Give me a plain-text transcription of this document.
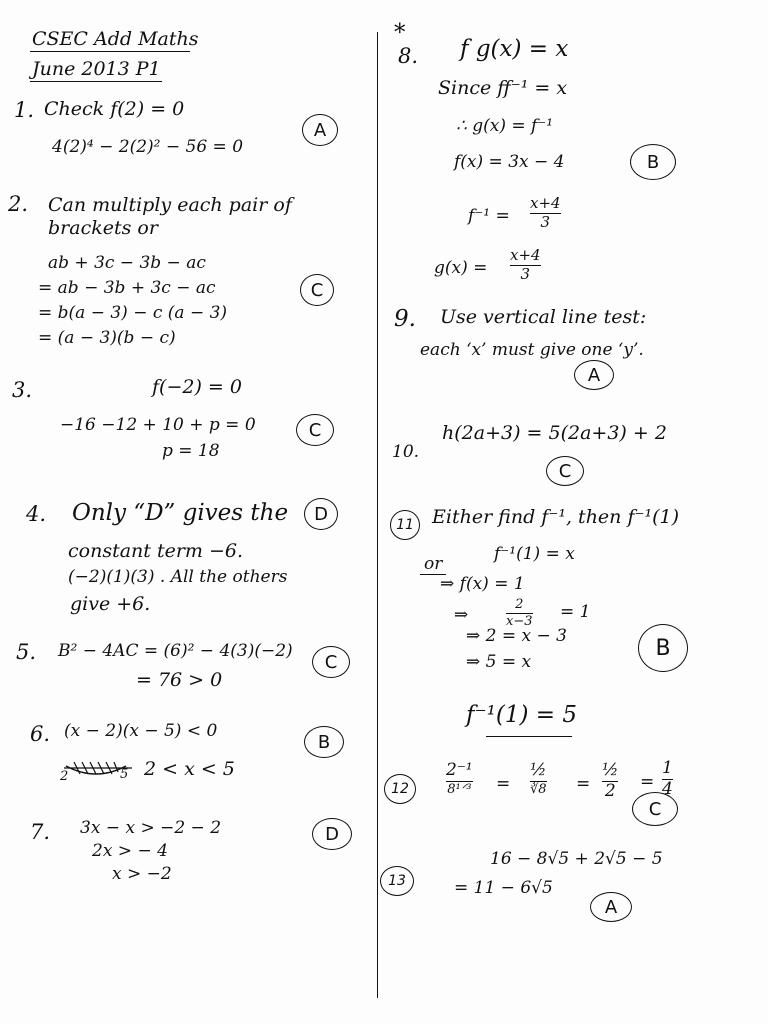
CSEC Add Maths
June 2013 P1
*
1. Check f(2) = 0
4(2)⁴ − 2(2)² − 56 = 0
A
2. Can multiply each pair of
brackets or
ab + 3c − 3b − ac
= ab − 3b + 3c − ac
= b(a − 3) − c (a − 3)
= (a − 3)(b − c)
C
3.	f(−2) = 0
−16 −12 + 10 + p = 0
p = 18
C
4. Only “D” gives the
constant term −6.
(−2)(1)(3) . All the others
give +6.
D
5. B² − 4AC = (6)² − 4(3)(−2)
= 76 > 0
C
6. (x − 2)(x − 5) < 0
2	5 2 < x < 5
B
7. 3x − x > −2 − 2
2x > − 4
x > −2
D
8. f g(x) = x
Since ff⁻¹ = x
∴ g(x) = f⁻¹
f(x) = 3x − 4
f⁻¹ =
x+4
3
g(x) =
x+4
3
B
9. Use vertical line test:
each ‘x’ must give one ‘y’.
A
10.
h(2a+3) = 5(2a+3) + 2
C
11 Either find f⁻¹, then f⁻¹(1)
or	f⁻¹(1) = x
⇒ f(x) = 1
⇒
2
x−3 = 1
⇒ 2 = x − 3
⇒ 5 = x
f⁻¹(1) = 5
B
12
2⁻¹
8¹ᐟ³ =
½
∛8 =
½
2 =
1
4
C
13
16 − 8√5 + 2√5 − 5
= 11 − 6√5
A
